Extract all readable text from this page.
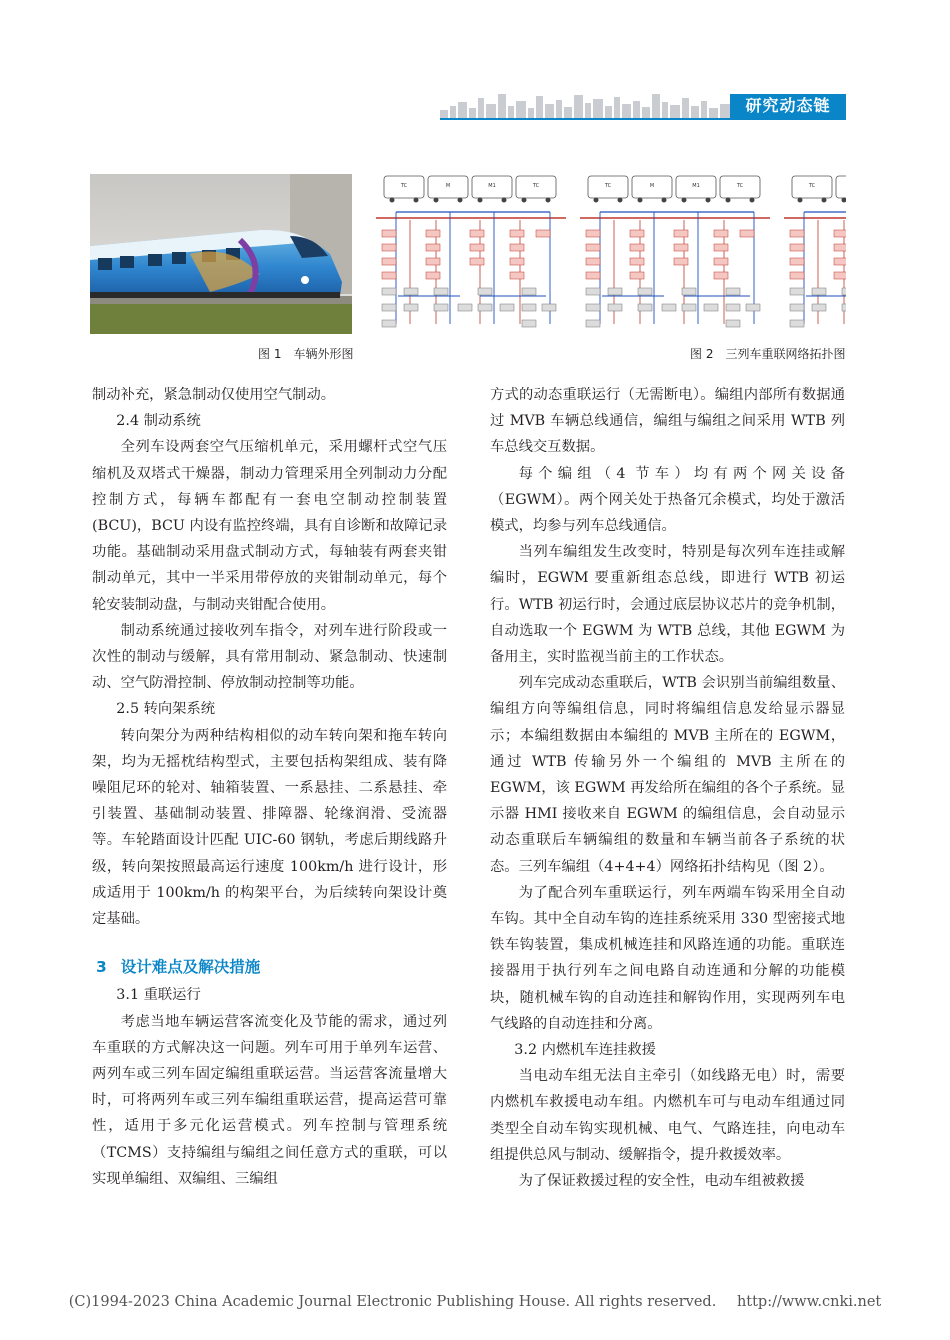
研究动态链
图 1　车辆外形图
TC	M	M1	TC
图 2　三列车重联网络拓扑图

制动补充，紧急制动仅使用空气制动。

2.4 制动系统

全列车设两套空气压缩机单元，采用螺杆式空气压缩机及双塔式干燥器，制动力管理采用全列制动力分配控制方式，每辆车都配有一套电空制动控制装置 (BCU)，BCU 内设有监控终端，具有自诊断和故障记录功能。基础制动采用盘式制动方式，每轴装有两套夹钳制动单元，其中一半采用带停放的夹钳制动单元，每个轮安装制动盘，与制动夹钳配合使用。

制动系统通过接收列车指令，对列车进行阶段或一次性的制动与缓解，具有常用制动、紧急制动、快速制动、空气防滑控制、停放制动控制等功能。

2.5 转向架系统

转向架分为两种结构相似的动车转向架和拖车转向架，均为无摇枕结构型式，主要包括构架组成、装有降噪阻尼环的轮对、轴箱装置、一系悬挂、二系悬挂、牵引装置、基础制动装置、排障器、轮缘润滑、受流器等。车轮踏面设计匹配 UIC-60 钢轨，考虑后期线路升级，转向架按照最高运行速度 100km/h 进行设计，形成适用于 100km/h 的构架平台，为后续转向架设计奠定基础。

3 设计难点及解决措施

3.1 重联运行

考虑当地车辆运营客流变化及节能的需求，通过列车重联的方式解决这一问题。列车可用于单列车运营、两列车或三列车固定编组重联运营。当运营客流量增大时，可将两列车或三列车编组重联运营，提高运营可靠性，适用于多元化运营模式。列车控制与管理系统（TCMS）支持编组与编组之间任意方式的重联，可以实现单编组、双编组、三编组

方式的动态重联运行（无需断电）。编组内部所有数据通过 MVB 车辆总线通信，编组与编组之间采用 WTB 列车总线交互数据。

每个编组（4 节车）均有两个网关设备（EGWM）。两个网关处于热备冗余模式，均处于激活模式，均参与列车总线通信。

当列车编组发生改变时，特别是每次列车连挂或解编时，EGWM 要重新组态总线，即进行 WTB 初运行。WTB 初运行时，会通过底层协议芯片的竞争机制，自动选取一个 EGWM 为 WTB 总线，其他 EGWM 为备用主，实时监视当前主的工作状态。

列车完成动态重联后，WTB 会识别当前编组数量、编组方向等编组信息，同时将编组信息发给显示器显示；本编组数据由本编组的 MVB 主所在的 EGWM，通过 WTB 传输另外一个编组的 MVB 主所在的 EGWM，该 EGWM 再发给所在编组的各个子系统。显示器 HMI 接收来自 EGWM 的编组信息，会自动显示动态重联后车辆编组的数量和车辆当前各子系统的状态。三列车编组（4+4+4）网络拓扑结构见（图 2）。

为了配合列车重联运行，列车两端车钩采用全自动车钩。其中全自动车钩的连挂系统采用 330 型密接式地铁车钩装置，集成机械连挂和风路连通的功能。重联连接器用于执行列车之间电路自动连通和分解的功能模块，随机械车钩的自动连挂和解钩作用，实现两列车电气线路的自动连挂和分离。

3.2 内燃机车连挂救援

当电动车组无法自主牵引（如线路无电）时，需要内燃机车救援电动车组。内燃机车可与电动车组通过同类型全自动车钩实现机械、电气、气路连挂，向电动车组提供总风与制动、缓解指令，提升救援效率。

为了保证救援过程的安全性，电动车组被救援

(C)1994-2023 China Academic Journal Electronic Publishing House. All rights reserved. http://www.cnki.net
